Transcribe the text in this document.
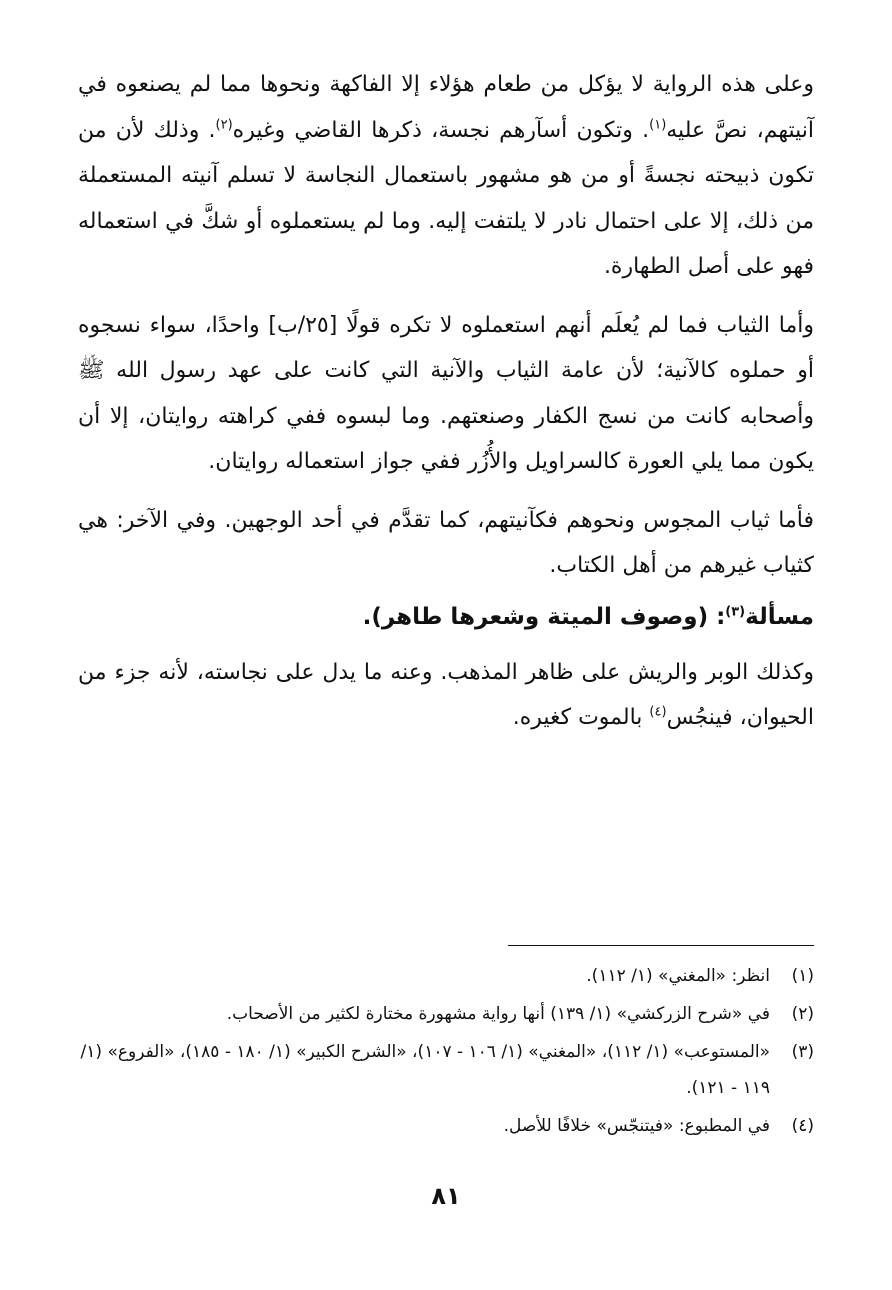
وعلى هذه الرواية لا يؤكل من طعام هؤلاء إلا الفاكهة ونحوها مما لم يصنعوه في آنيتهم، نصَّ عليه$^{(١)}$. وتكون أسآرهم نجسة، ذكرها القاضي وغيره$^{(٢)}$. وذلك لأن من تكون ذبيحته نجسةً أو من هو مشهور باستعمال النجاسة لا تسلم آنيته المستعملة من ذلك، إلا على احتمال نادر لا يلتفت إليه. وما لم يستعملوه أو شكَّ في استعماله فهو على أصل الطهارة.

وأما الثياب فما لم يُعلَم أنهم استعملوه لا تكره قولًا [٢٥/ب] واحدًا، سواء نسجوه أو حملوه كالآنية؛ لأن عامة الثياب والآنية التي كانت على عهد رسول الله ﷺ وأصحابه كانت من نسج الكفار وصنعتهم. وما لبسوه ففي كراهته روايتان، إلا أن يكون مما يلي العورة كالسراويل والأُزُر ففي جواز استعماله روايتان.

فأما ثياب المجوس ونحوهم فكآنيتهم، كما تقدَّم في أحد الوجهين. وفي الآخر: هي كثياب غيرهم من أهل الكتاب.

مسألة$^{(٣)}$: (وصوف الميتة وشعرها طاهر).

وكذلك الوبر والريش على ظاهر المذهب. وعنه ما يدل على نجاسته، لأنه جزء من الحيوان، فينجُس$^{(٤)}$ بالموت كغيره.

(١)
انظر: «المغني» (١/ ١١٢).

(٢)
في «شرح الزركشي» (١/ ١٣٩) أنها رواية مشهورة مختارة لكثير من الأصحاب.

(٣)
«المستوعب» (١/ ١١٢)، «المغني» (١/ ١٠٦ - ١٠٧)، «الشرح الكبير» (١/ ١٨٠ - ١٨٥)، «الفروع» (١/ ١١٩ - ١٢١).

(٤)
في المطبوع: «فيتنجّس» خلافًا للأصل.

٨١
